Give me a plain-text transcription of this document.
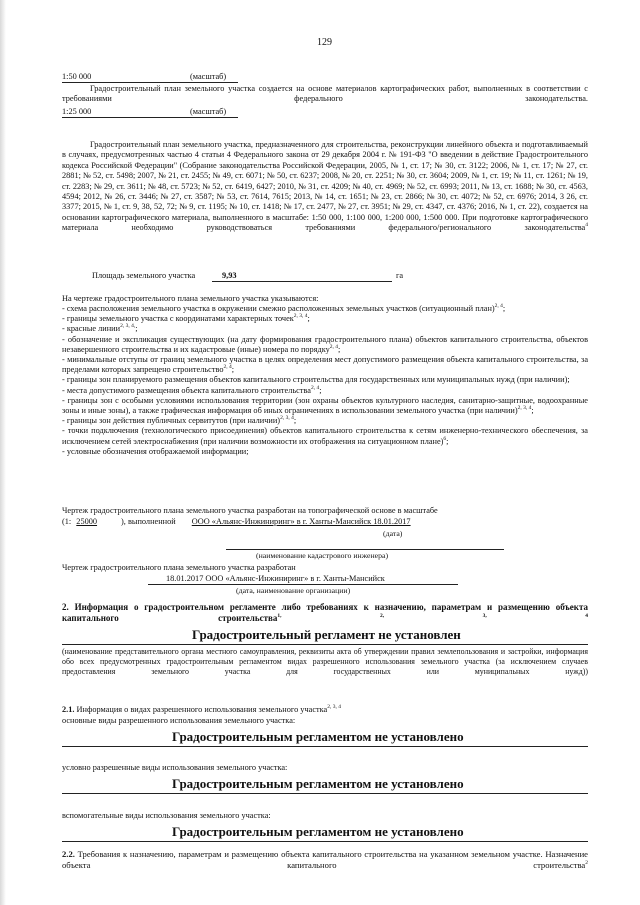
129
1:50 000	(масштаб)
Градостроительный план земельного участка создается на основе материалов картографических работ, выполненных в соответствии с требованиями федерального законодательства.
1:25 000	(масштаб)
Градостроительный план земельного участка, предназначенного для строительства, реконструкции линейного объекта и подготавливаемый в случаях, предусмотренных частью 4 статьи 4 Федерального закона от 29 декабря 2004 г. № 191-ФЗ "О введении в действие Градостроительного кодекса Российской Федерации" (Собрание законодательства Российской Федерации, 2005, № 1, ст. 17; № 30, ст. 3122; 2006, № 1, ст. 17; № 27, ст. 2881; № 52, ст. 5498; 2007, № 21, ст. 2455; № 49, ст. 6071; № 50, ст. 6237; 2008, № 20, ст. 2251; № 30, ст. 3604; 2009, № 1, ст. 19; № 11, ст. 1261; № 19, ст. 2283; № 29, ст. 3611; № 48, ст. 5723; № 52, ст. 6419, 6427; 2010, № 31, ст. 4209; № 40, ст. 4969; № 52, ст. 6993; 2011, № 13, ст. 1688; № 30, ст. 4563, 4594; 2012, № 26, ст. 3446; № 27, ст. 3587; № 53, ст. 7614, 7615; 2013, № 14, ст. 1651; № 23, ст. 2866; № 30, ст. 4072; № 52, ст. 6976; 2014, 3 26, ст. 3377; 2015, № 1, ст. 9, 38, 52, 72; № 9, ст. 1195; № 10, ст. 1418; № 17, ст. 2477, № 27, ст. 3951; № 29, ст. 4347, ст. 4376; 2016, № 1, ст. 22), создается на основании картографического материала, выполненного в масштабе: 1:50 000, 1:100 000, 1:200 000, 1:500 000. При подготовке картографического материала необходимо руководствоваться требованиями федерального/регионального законодательства$^4$
Площадь земельного участка	9,93	га
На чертеже градостроительного плана земельного участка указываются:
- схема расположения земельного участка в окружении смежно расположенных земельных участков (ситуационный план)$^{2, 4}$;
- границы земельного участка с координатами характерных точек$^{2, 3, 4}$;
- красные линии$^{2, 3, 4,}$;
- обозначение и экспликация существующих (на дату формирования градостроительного плана) объектов капитального строительства, объектов незавершенного строительства и их кадастровые (иные) номера по порядку$^{2, 4}$;
- минимальные отступы от границ земельного участка в целях определения мест допустимого размещения объекта капитального строительства, за пределами которых запрещено строительство$^{2, 4}$;
- границы зон планируемого размещения объектов капитального строительства для государственных или муниципальных нужд (при наличии);
- места допустимого размещения объекта капитального строительства$^{2, 4}$;
- границы зон с особыми условиями использования территории (зон охраны объектов культурного наследия, санитарно-защитные, водоохранные зоны и иные зоны), а также графическая информация об иных ограничениях в использовании земельного участка (при наличии)$^{2, 3, 4}$;
- границы зон действия публичных сервитутов (при наличии)$^{2, 3, 4}$;
- точки подключения (технологического присоединения) объектов капитального строительства к сетям инженерно-технического обеспечения, за исключением сетей электроснабжения (при наличии возможности их отображения на ситуационном плане)$^6$;
- условные обозначения отображаемой информации;
Чертеж градостроительного плана земельного участка разработан на топографической основе в масштабе
(1: 25000	), выполненной ООО «Альянс-Инжиниринг» в г. Ханты-Мансийск 18.01.2017
(дата)
(наименование кадастрового инженера)
Чертеж градостроительного плана земельного участка разработан
18.01.2017 ООО «Альянс-Инжиниринг» в г. Ханты-Мансийск
(дата, наименование организации)
2. Информация о градостроительном регламенте либо требованиях к назначению, параметрам и размещению объекта капитального строительства$^{1, 2, 3, 4}$
Градостроительный регламент не установлен
(наименование представительного органа местного самоуправления, реквизиты акта об утверждении правил землепользования и застройки, информация обо всех предусмотренных градостроительным регламентом видах разрешенного использования земельного участка (за исключением случаев предоставления земельного участка для государственных или муниципальных нужд))
2.1. Информация о видах разрешенного использования земельного участка$^{2, 3, 4}$
основные виды разрешенного использования земельного участка:
Градостроительным регламентом не установлено
условно разрешенные виды использования земельного участка:
Градостроительным регламентом не установлено
вспомогательные виды использования земельного участка:
Градостроительным регламентом не установлено
2.2. Требования к назначению, параметрам и размещению объекта капитального строительства на указанном земельном участке. Назначение объекта капитального строительства$^2$
